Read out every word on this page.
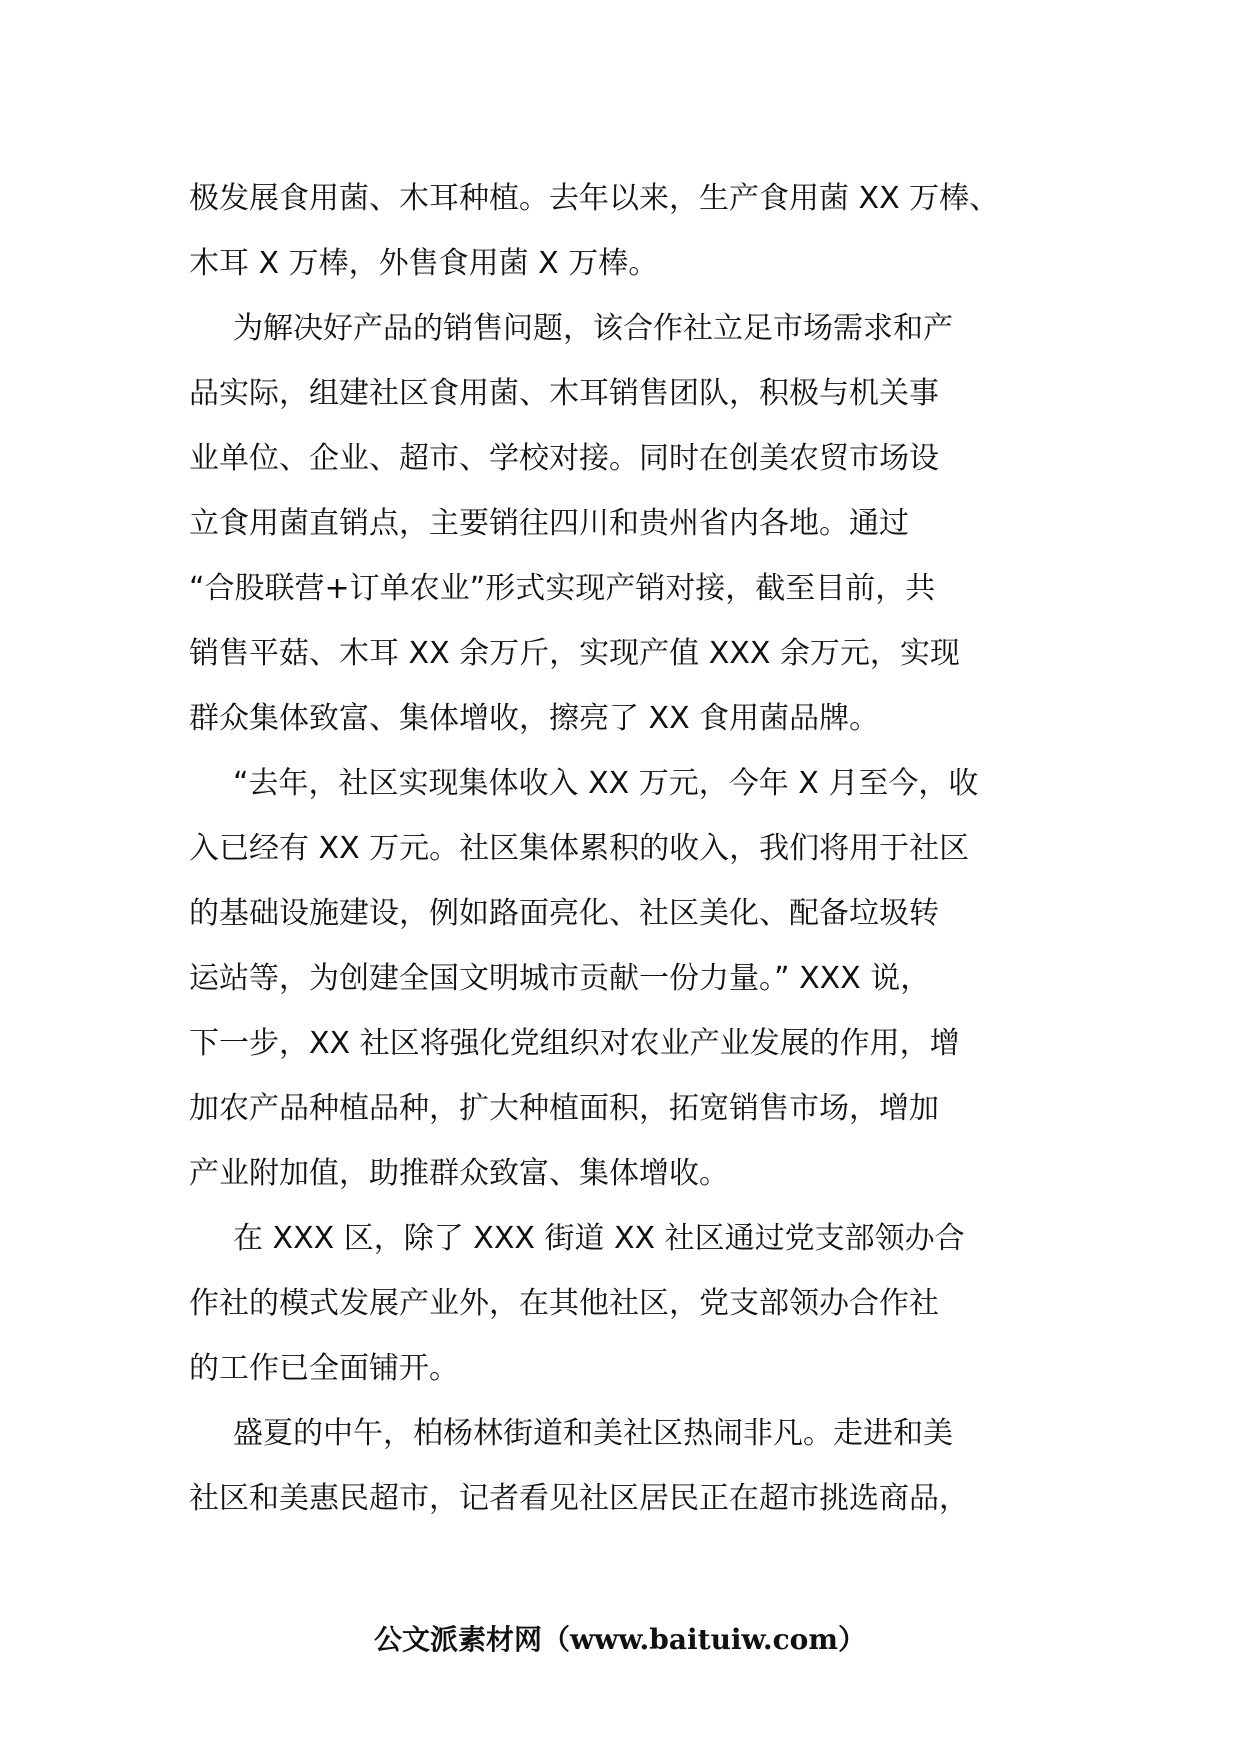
极发展食用菌、木耳种植。去年以来，生产食用菌 XX 万棒、
木耳 X 万棒，外售食用菌 X 万棒。
为解决好产品的销售问题，该合作社立足市场需求和产
品实际，组建社区食用菌、木耳销售团队，积极与机关事
业单位、企业、超市、学校对接。同时在创美农贸市场设
立食用菌直销点，主要销往四川和贵州省内各地。通过
“合股联营+订单农业”形式实现产销对接，截至目前，共
销售平菇、木耳 XX 余万斤，实现产值 XXX 余万元，实现
群众集体致富、集体增收，擦亮了 XX 食用菌品牌。
“去年，社区实现集体收入 XX 万元，今年 X 月至今，收
入已经有 XX 万元。社区集体累积的收入，我们将用于社区
的基础设施建设，例如路面亮化、社区美化、配备垃圾转
运站等，为创建全国文明城市贡献一份力量。” XXX 说，
下一步，XX 社区将强化党组织对农业产业发展的作用，增
加农产品种植品种，扩大种植面积，拓宽销售市场，增加
产业附加值，助推群众致富、集体增收。
在 XXX 区，除了 XXX 街道 XX 社区通过党支部领办合
作社的模式发展产业外，在其他社区，党支部领办合作社
的工作已全面铺开。
盛夏的中午，柏杨林街道和美社区热闹非凡。走进和美
社区和美惠民超市，记者看见社区居民正在超市挑选商品，
公文派素材网（www.baituiw.com）
